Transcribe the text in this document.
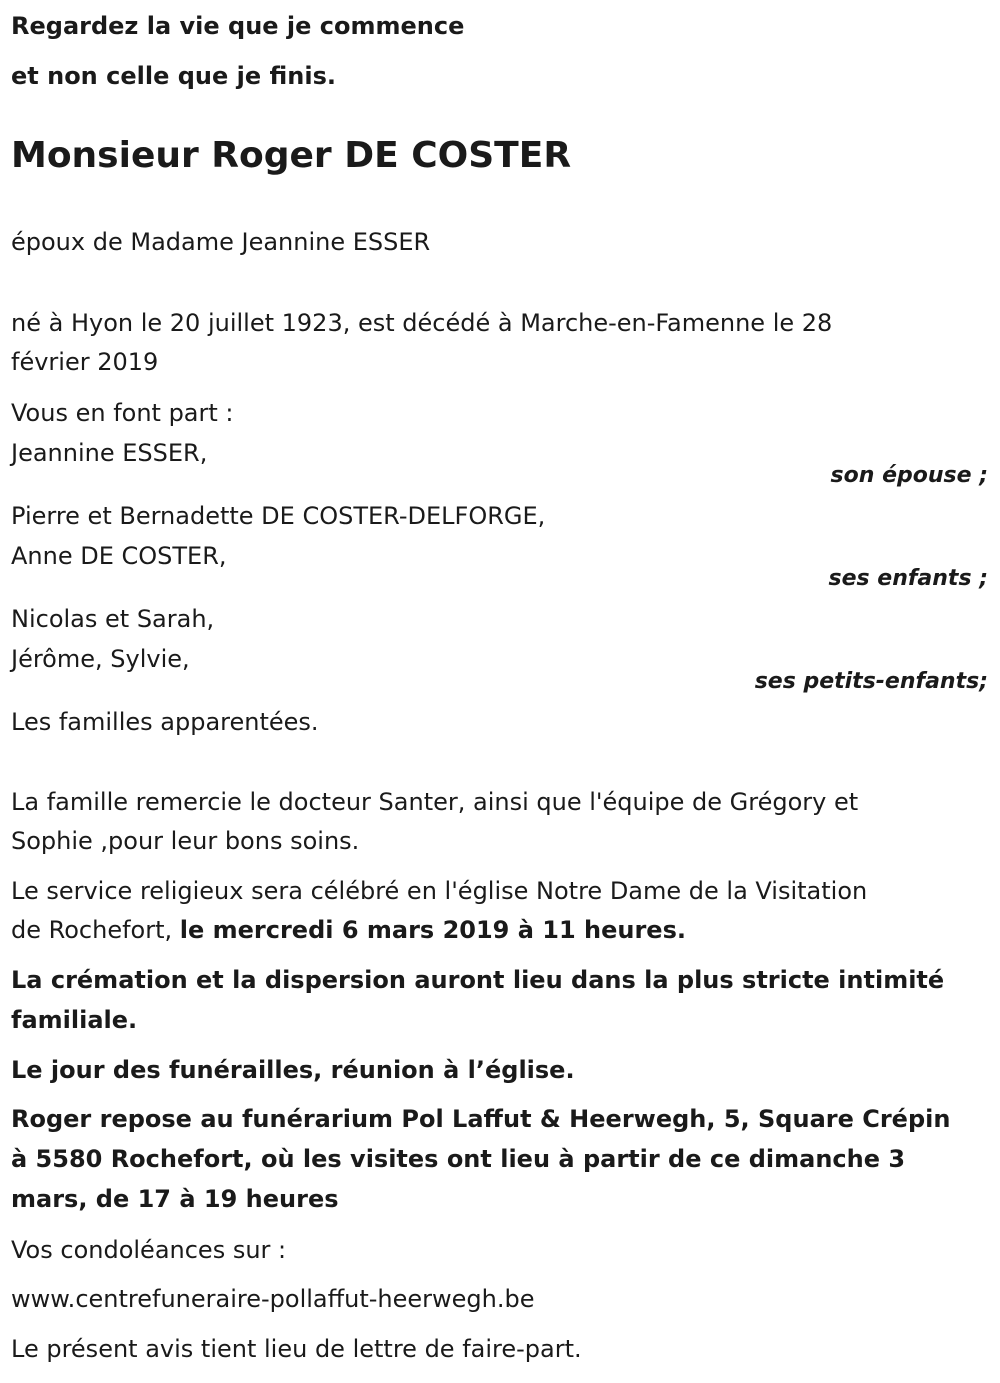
Regardez la vie que je commence

et non celle que je finis.

Monsieur Roger DE COSTER

époux de Madame Jeannine ESSER

né à Hyon le 20 juillet 1923, est décédé à Marche-en-Famenne le 28

février 2019

Vous en font part :

Jeannine ESSER,

son épouse ;

Pierre et Bernadette DE COSTER-DELFORGE,

Anne DE COSTER,

ses enfants ;

Nicolas et Sarah,

Jérôme, Sylvie,

ses petits-enfants;

Les familles apparentées.

La famille remercie le docteur Santer, ainsi que l'équipe de Grégory et

Sophie ,pour leur bons soins.

Le service religieux sera célébré en l'église Notre Dame de la Visitation

de Rochefort, le mercredi 6 mars 2019 à 11 heures.

La crémation et la dispersion auront lieu dans la plus stricte intimité

familiale.

Le jour des funérailles, réunion à l’église.

Roger repose au funérarium Pol Laffut & Heerwegh, 5, Square Crépin

à 5580 Rochefort, où les visites ont lieu à partir de ce dimanche 3

mars, de 17 à 19 heures

Vos condoléances sur :

www.centrefuneraire-pollaffut-heerwegh.be

Le présent avis tient lieu de lettre de faire-part.
